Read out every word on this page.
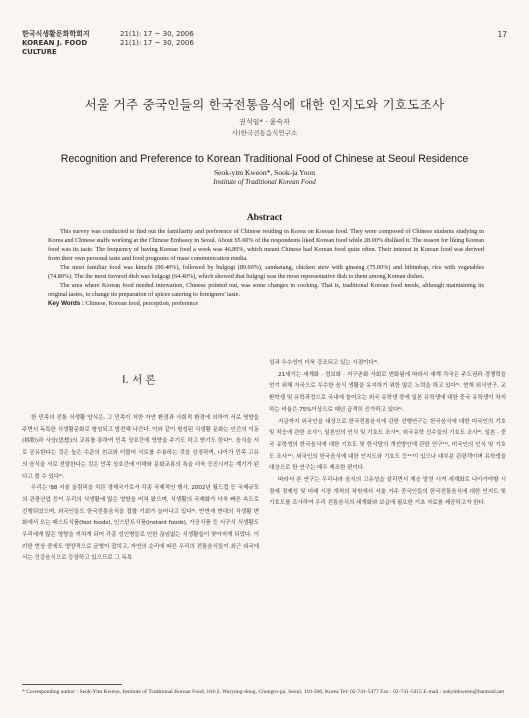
한국식생활문화학회지	21(1): 17 ~ 30, 2006
KOREAN J. FOOD CULTURE
21(1): 17 ~ 30, 2006
17
서울 거주 중국인들의 한국전통음식에 대한 인지도와 기호도조사
권석임* · 윤숙자
사)한국전통음식연구소
Recognition and Preference to Korean Traditional Food of Chinese at Seoul Residence
Seok-yim Kweon*, Sook-ja Yoon
Institute of Traditional Korean Food
Abstract

This survey was conducted to find out the familiarity and preference of Chinese residing in Korea on Korean food. They were composed of Chinese students studying in Korea and Chinese staffs working at the Chinese Embassy in Seoul. About 65.60% of the respondents liked Korean food while 28.00% disliked it. The reason for liking Korean food was its taste. The frequency of having Korean food a week was 46.80%, which meant Chinese had Korean food quite often. Their interest in Korean food was derived from their own personal taste and food programs of mass communication media.

The most familiar food was kimchi (90.40%), followed by bulgogi (89.60%), samketang, chicken stew with ginseng (75.60%) and bibimbap, rice with vegetables (74.80%). The the most favored dish was bulgogi (64.40%), which showed that bulgogi was the most representative dish to them among Korean dishes.

The area where Korean food needed innovation, Chinese pointed out, was some changes in cooking. That is, traditional Korean food needs, although maintaining its original tastes, to change its preparation of spices catering to foreigners' taste.

Key Words : Chinese, Korean food, perception, preference

I. 서 론

한 민족의 전통 식생활 양식은, 그 민족이 처한 자연 환경과 사회적 환경에 의하여 서로 영향을 주면서 독특한 식생활문화로 형성되고 발전해 나간다. 이와 같이 형성된 식생활 문화는 인간의 이동(移動)과 사상(思想)의 교류를 통하여 민족 상호간에 영향을 주기도 하고 받기도 한다¹⁾. 음식을 서로 공유한다는 것은 높은 수준의 친교와 더불어 서로를 수용하는 것을 상징하며, 나아가 민족 고유의 음식을 서로 전달한다는 것은 민족 상호간에 이해와 문화교류의 폭을 더욱 증진시키는 계기가 된다고 볼 수 있다²⁾.

우리는 '88 서울 올림픽을 치른 경제국가로서 각종 국제적인 행사, 2002년 월드컵 등 국제규모의 관광산업 등이 우리의 식생활에 많은 영향을 미쳐 왔으며, 식생활의 국제화가 더욱 빠른 속도로 진행되었으며, 외국인들도 한국전통음식을 접할 기회가 늘어나고 있다³⁾. 반면에 현대의 식생활 변화에서 오는 패스트식품(fast foods), 인스턴트식품(instant foods), 가공식품 등 서구식 식생활도 우리에게 많은 영향을 끼치게 되어 각종 성인병들로 인한 끊임없는 식생활들이 찾아지게 되었다. 이러한 현상 중에도 영양적으로 균형이 잡히고, 자연의 순리에 따른 우리의 전통음식들이 최근 외국에서는 건강음식으로 등장하고 있으므로 그 독특

성과 우수성이 더욱 강조되고 있는 시점이다⁴⁾.

21세기는 세계화 · 정보화 · 지구촌화 사회로 변화됨에 따라서 세계 각국은 주도권과 경쟁력을 얻기 위해 자국으로 우수한 음식 생활을 유지하기 위한 많은 노력을 하고 있다⁵⁾. 현재 외식연구, 교환학생 및 유학과정으로 국내에 들어오는 외국 유학생 중에 일본 유학생에 대한 중국 유학생이 차지하는 비율은 75%이상으로 매년 급격히 증가하고 있다⁶⁾.

지금까지 외국인을 대상으로 한국전통음식에 관한 선행연구는 한국음식에 대한 미국인의 기호 및 적응에 관한 조사⁷⁾, 일본인의 인식 및 기호도 조사⁸⁾, 외국유학 선수들의 기호도 조사⁹⁾, 일본 · 중국 유학생의 한국음식에 대한 기호도 및 한식당의 개선방안에 관한 연구¹⁰⁾, 미국인의 인식 및 기호도 조사¹¹⁾, 외국인의 한국음식에 대한 인지도와 기호도 등¹²⁾이 있으나 대부분 관광객이며 유학생을 대상으로 한 연구는 매우 제조한 편이다.

따라서 본 연구는 우리나라 음식의 고유성을 살리면서 계승 발전 시켜 세계화로 나아가야할 시점에 경제성 및 미래 시장 개척의 차원에서 서울 거주 중국인들의 한국전통음식에 대한 인지도 및 기호도를 조사하여 우리 전통음식의 세계화와 보급에 필요한 기초 자료를 제공하고자 한다.

* Corresponding author : Seok-Yim Kweon, Institute of Traditional Korean Food, 164-2, Waryong-dong, Chongro-gu, Seoul, 110-360, Korea Tel: 02-741-5477 Fax : 02-741-5415 E-mail : sokymkweon@hanmail.net
